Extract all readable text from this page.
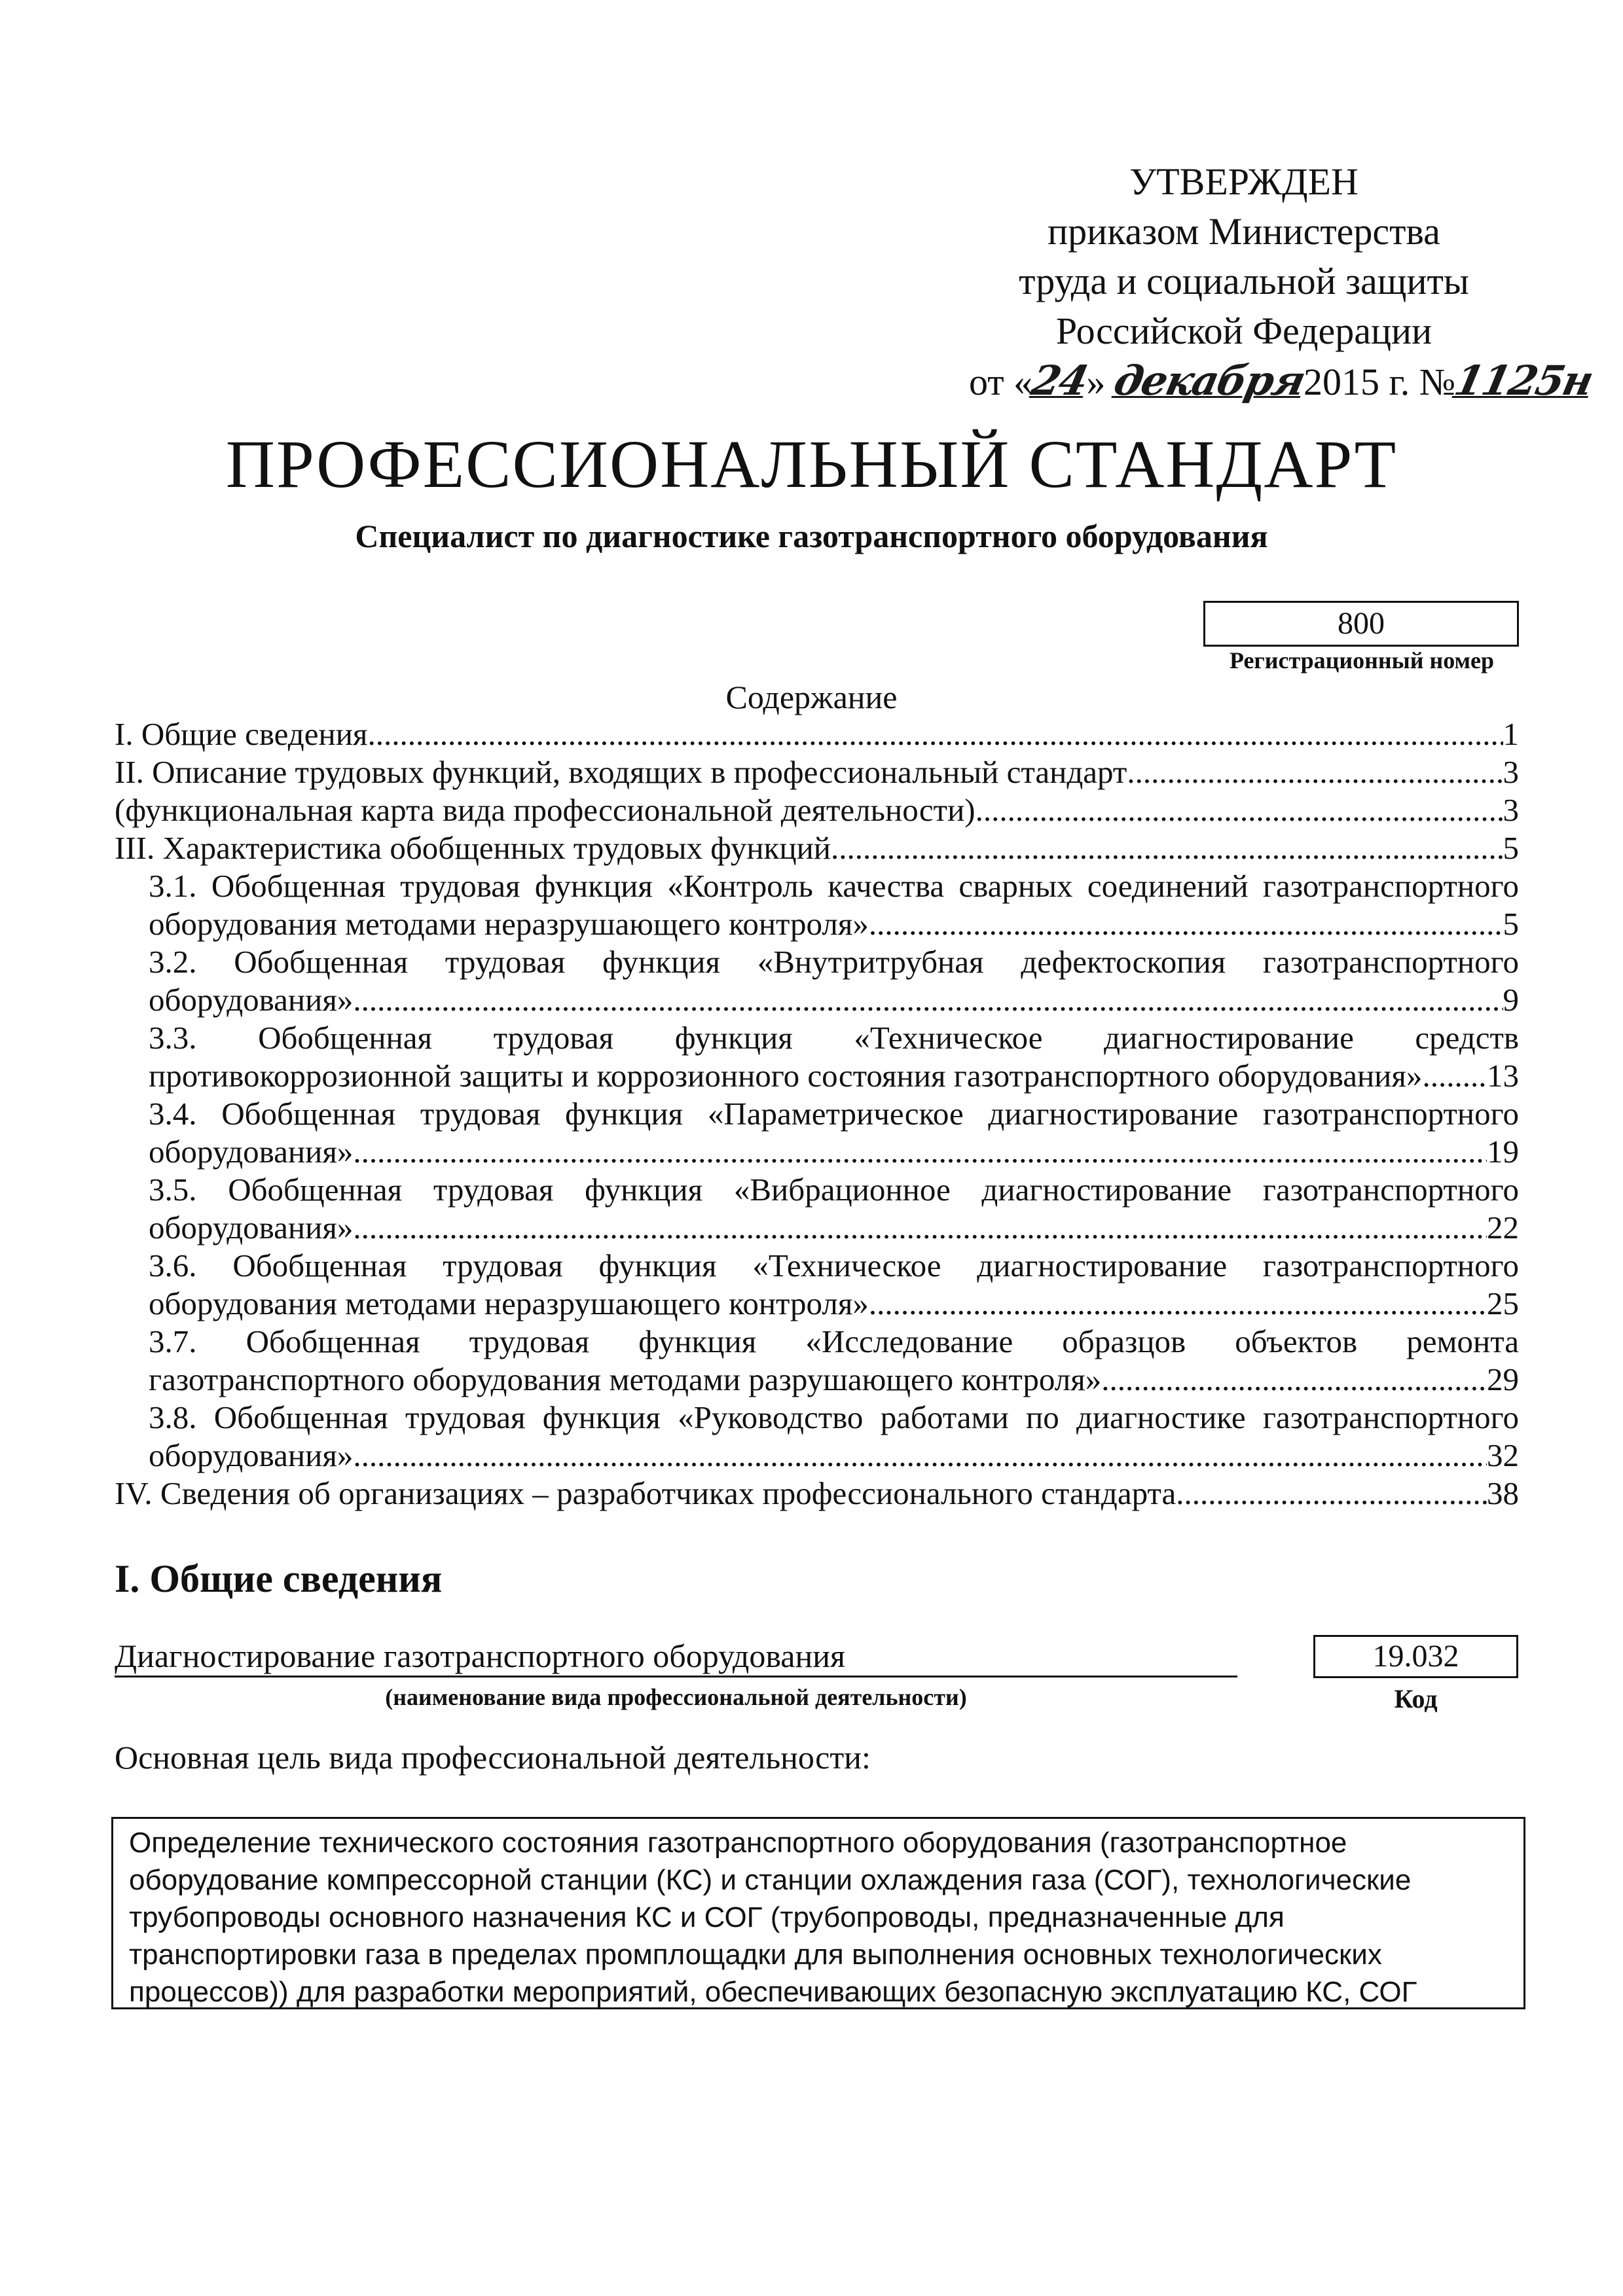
УТВЕРЖДЕН
приказом Министерства
труда и социальной защиты
Российской Федерации
от «24» декабря2015 г. №1125н
ПРОФЕССИОНАЛЬНЫЙ СТАНДАРТ
Специалист по диагностике газотранспортного оборудования
800
Регистрационный номер
Содержание
I. Общие сведения .....	1
II. Описание трудовых функций, входящих в профессиональный стандарт .....	3
(функциональная карта вида профессиональной деятельности) .....	3
III. Характеристика обобщенных трудовых функций .....	5
3.1. Обобщенная трудовая функция «Контроль качества сварных соединений газотранспортного
оборудования методами неразрушающего контроля» .....	5
3.2. Обобщенная трудовая функция «Внутритрубная дефектоскопия газотранспортного
оборудования» .....	9
3.3. Обобщенная трудовая функция «Техническое диагностирование средств
противокоррозионной защиты и коррозионного состояния газотранспортного оборудования» ..... 13
3.4. Обобщенная трудовая функция «Параметрическое диагностирование газотранспортного
оборудования» .....	19
3.5. Обобщенная трудовая функция «Вибрационное диагностирование газотранспортного
оборудования» .....	22
3.6. Обобщенная трудовая функция «Техническое диагностирование газотранспортного
оборудования методами неразрушающего контроля» .....	25
3.7. Обобщенная трудовая функция «Исследование образцов объектов ремонта
газотранспортного оборудования методами разрушающего контроля» .....	29
3.8. Обобщенная трудовая функция «Руководство работами по диагностике газотранспортного
оборудования» .....	32
IV. Сведения об организациях – разработчиках профессионального стандарта .....	38
I. Общие сведения
Диагностирование газотранспортного оборудования
(наименование вида профессиональной деятельности)
19.032
Код
Основная цель вида профессиональной деятельности:
Определение технического состояния газотранспортного оборудования (газотранспортное
оборудование компрессорной станции (КС) и станции охлаждения газа (СОГ), технологические
трубопроводы основного назначения КС и СОГ (трубопроводы, предназначенные для
транспортировки газа в пределах промплощадки для выполнения основных технологических
процессов)) для разработки мероприятий, обеспечивающих безопасную эксплуатацию КС, СОГ
